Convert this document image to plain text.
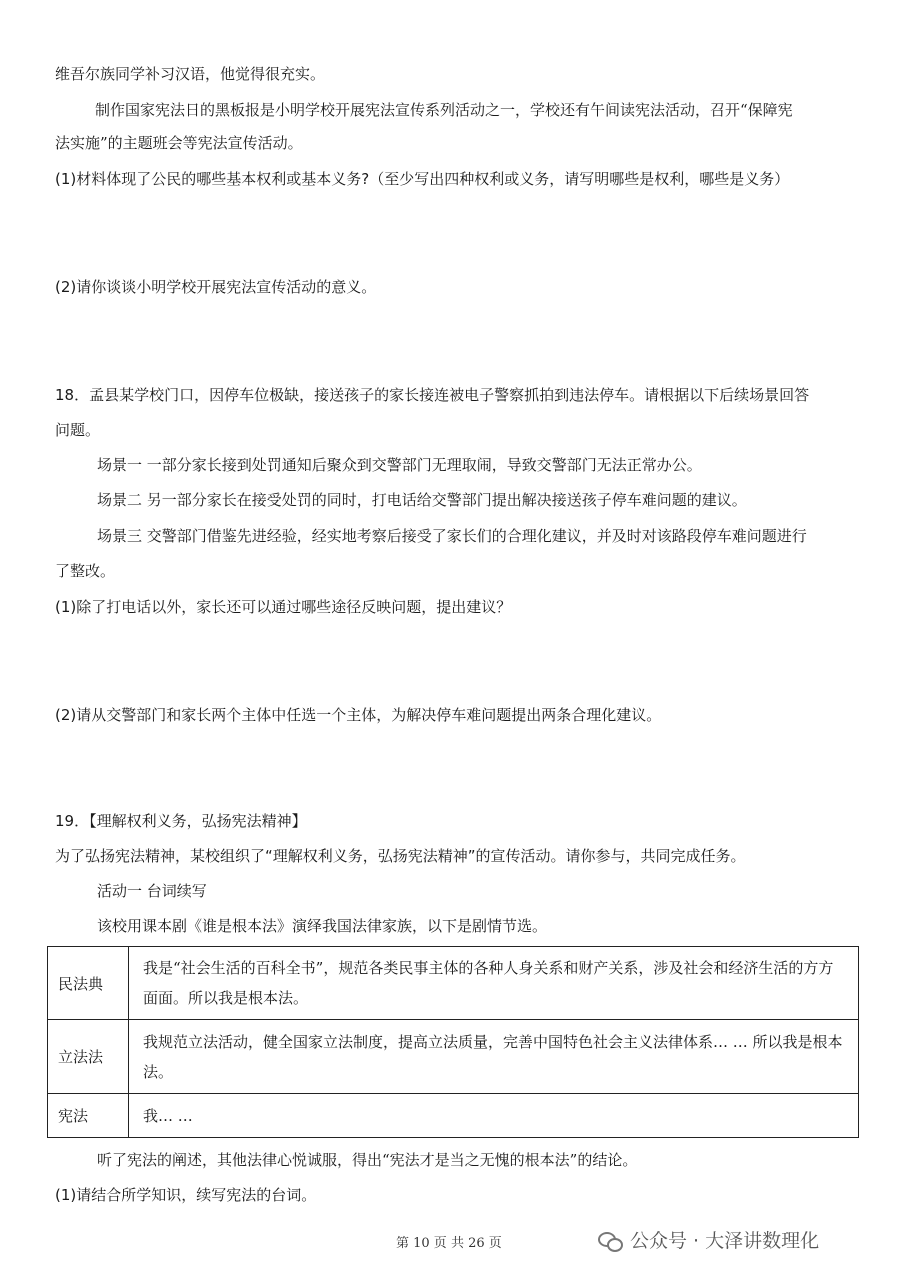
维吾尔族同学补习汉语，他觉得很充实。
制作国家宪法日的黑板报是小明学校开展宪法宣传系列活动之一，学校还有午间读宪法活动，召开“保障宪
法实施”的主题班会等宪法宣传活动。
(1)材料体现了公民的哪些基本权利或基本义务?（至少写出四种权利或义务，请写明哪些是权利，哪些是义务）
(2)请你谈谈小明学校开展宪法宣传活动的意义。
18．孟县某学校门口，因停车位极缺，接送孩子的家长接连被电子警察抓拍到违法停车。请根据以下后续场景回答
问题。
场景一 一部分家长接到处罚通知后聚众到交警部门无理取闹，导致交警部门无法正常办公。
场景二 另一部分家长在接受处罚的同时，打电话给交警部门提出解决接送孩子停车难问题的建议。
场景三 交警部门借鉴先进经验，经实地考察后接受了家长们的合理化建议，并及时对该路段停车难问题进行
了整改。
(1)除了打电话以外，家长还可以通过哪些途径反映问题，提出建议？
(2)请从交警部门和家长两个主体中任选一个主体，为解决停车难问题提出两条合理化建议。
19．【理解权利义务，弘扬宪法精神】
为了弘扬宪法精神，某校组织了“理解权利义务，弘扬宪法精神”的宣传活动。请你参与，共同完成任务。
活动一 台词续写
该校用课本剧《谁是根本法》演绎我国法律家族，以下是剧情节选。
民法典	我是“社会生活的百科全书”，规范各类民事主体的各种人身关系和财产关系，涉及社会和经济生活的方方面面。所以我是根本法。
立法法	我规范立法活动，健全国家立法制度，提高立法质量，完善中国特色社会主义法律体系… … 所以我是根本法。
宪法	我… …
听了宪法的阐述，其他法律心悦诚服，得出“宪法才是当之无愧的根本法”的结论。
(1)请结合所学知识，续写宪法的台词。
第 10 页 共 26 页	公众号 · 大泽讲数理化
